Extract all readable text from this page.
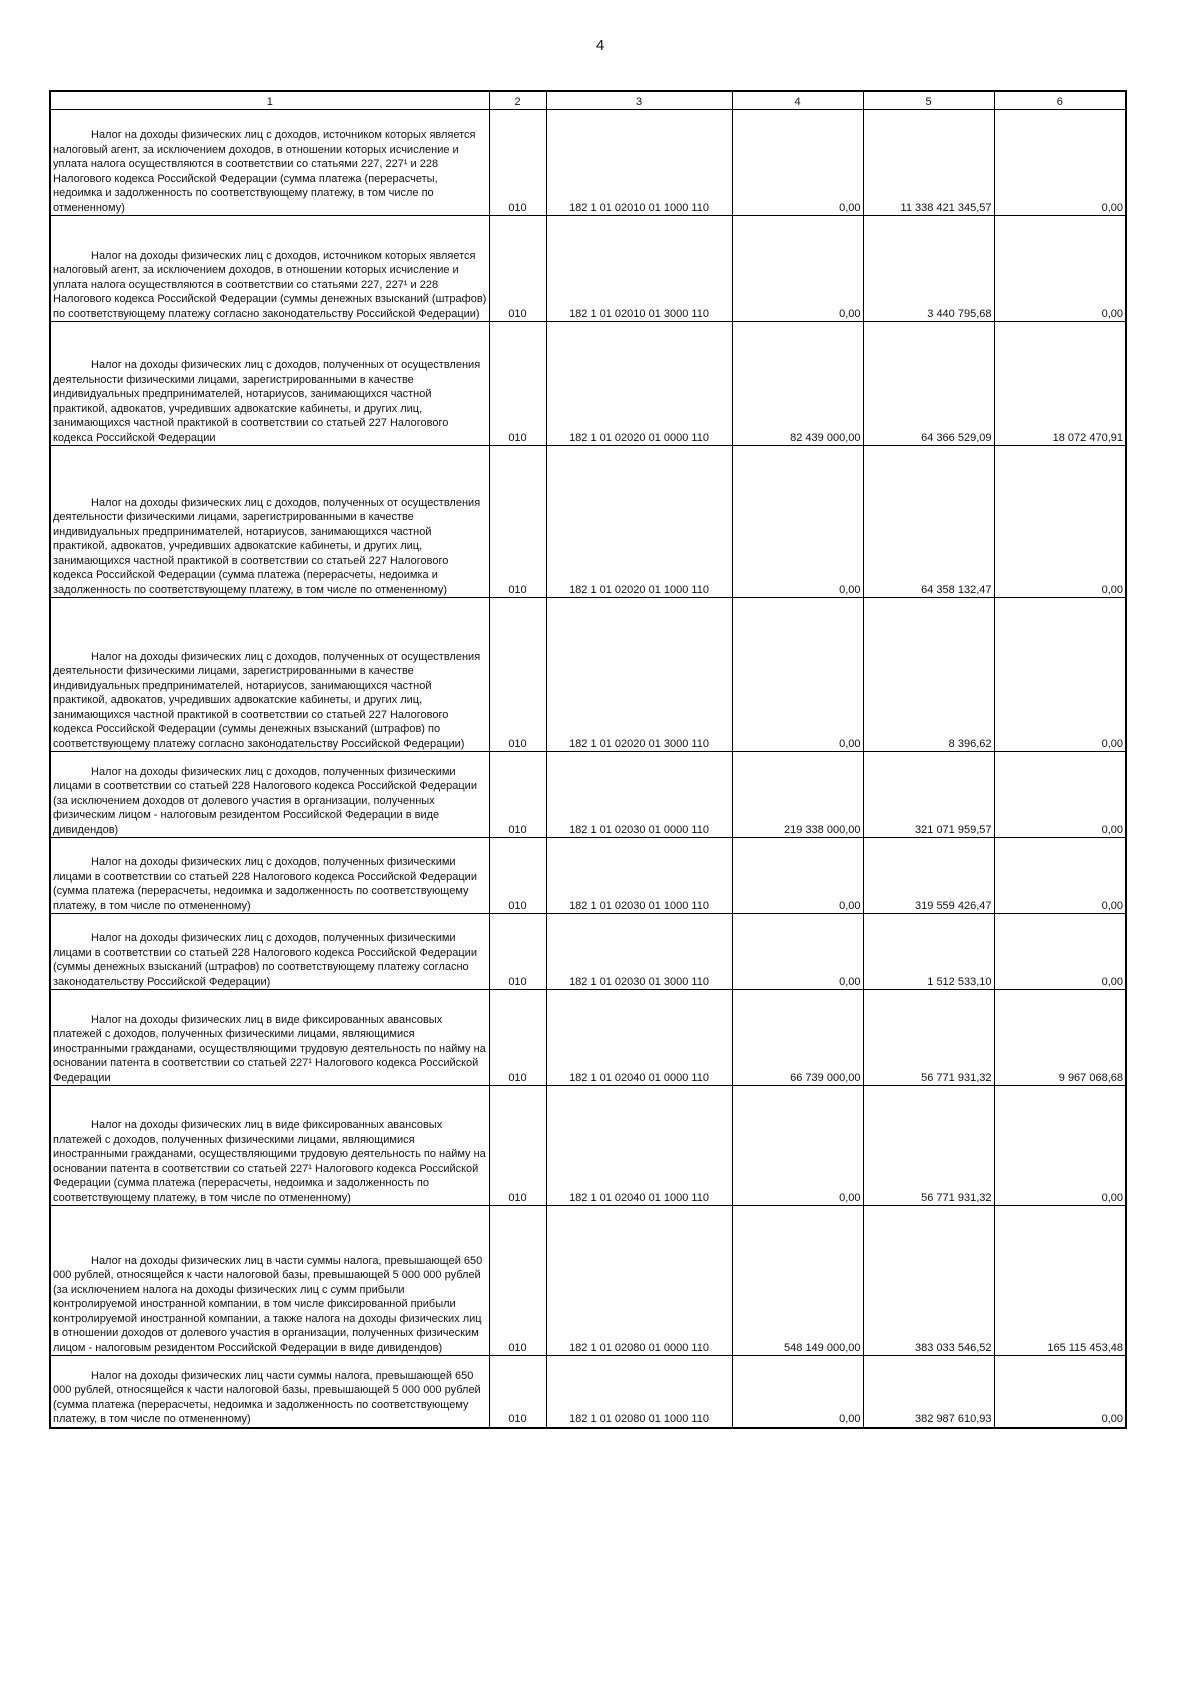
4
1	2	3	4	5	6

Налог на доходы физических лиц с доходов, источником которых является налоговый агент, за исключением доходов, в отношении которых исчисление и уплата налога осуществляются в соответствии со статьями 227, 227¹ и 228 Налогового кодекса Российской Федерации (сумма платежа (перерасчеты, недоимка и задолженность по соответствующему платежу, в том числе по отмененному)	010	182 1 01 02010 01 1000 110	0,00	11 338 421 345,57	0,00

Налог на доходы физических лиц с доходов, источником которых является налоговый агент, за исключением доходов, в отношении которых исчисление и уплата налога осуществляются в соответствии со статьями 227, 227¹ и 228 Налогового кодекса Российской Федерации (суммы денежных взысканий (штрафов) по соответствующему платежу согласно законодательству Российской Федерации)	010	182 1 01 02010 01 3000 110	0,00	3 440 795,68	0,00

Налог на доходы физических лиц с доходов, полученных от осуществления деятельности физическими лицами, зарегистрированными в качестве индивидуальных предпринимателей, нотариусов, занимающихся частной практикой, адвокатов, учредивших адвокатские кабинеты, и других лиц, занимающихся частной практикой в соответствии со статьей 227 Налогового кодекса Российской Федерации	010	182 1 01 02020 01 0000 110	82 439 000,00	64 366 529,09	18 072 470,91

Налог на доходы физических лиц с доходов, полученных от осуществления деятельности физическими лицами, зарегистрированными в качестве индивидуальных предпринимателей, нотариусов, занимающихся частной практикой, адвокатов, учредивших адвокатские кабинеты, и других лиц, занимающихся частной практикой в соответствии со статьей 227 Налогового кодекса Российской Федерации (сумма платежа (перерасчеты, недоимка и задолженность по соответствующему платежу, в том числе по отмененному)	010	182 1 01 02020 01 1000 110	0,00	64 358 132,47	0,00

Налог на доходы физических лиц с доходов, полученных от осуществления деятельности физическими лицами, зарегистрированными в качестве индивидуальных предпринимателей, нотариусов, занимающихся частной практикой, адвокатов, учредивших адвокатские кабинеты, и других лиц, занимающихся частной практикой в соответствии со статьей 227 Налогового кодекса Российской Федерации (суммы денежных взысканий (штрафов) по соответствующему платежу согласно законодательству Российской Федерации)	010	182 1 01 02020 01 3000 110	0,00	8 396,62	0,00

Налог на доходы физических лиц с доходов, полученных физическими лицами в соответствии со статьей 228 Налогового кодекса Российской Федерации (за исключением доходов от долевого участия в организации, полученных физическим лицом - налоговым резидентом Российской Федерации в виде дивидендов)	010	182 1 01 02030 01 0000 110	219 338 000,00	321 071 959,57	0,00

Налог на доходы физических лиц с доходов, полученных физическими лицами в соответствии со статьей 228 Налогового кодекса Российской Федерации (сумма платежа (перерасчеты, недоимка и задолженность по соответствующему платежу, в том числе по отмененному)	010	182 1 01 02030 01 1000 110	0,00	319 559 426,47	0,00

Налог на доходы физических лиц с доходов, полученных физическими лицами в соответствии со статьей 228 Налогового кодекса Российской Федерации (суммы денежных взысканий (штрафов) по соответствующему платежу согласно законодательству Российской Федерации)	010	182 1 01 02030 01 3000 110	0,00	1 512 533,10	0,00

Налог на доходы физических лиц в виде фиксированных авансовых платежей с доходов, полученных физическими лицами, являющимися иностранными гражданами, осуществляющими трудовую деятельность по найму на основании патента в соответствии со статьей 227¹ Налогового кодекса Российской Федерации	010	182 1 01 02040 01 0000 110	66 739 000,00	56 771 931,32	9 967 068,68

Налог на доходы физических лиц в виде фиксированных авансовых платежей с доходов, полученных физическими лицами, являющимися иностранными гражданами, осуществляющими трудовую деятельность по найму на основании патента в соответствии со статьей 227¹ Налогового кодекса Российской Федерации (сумма платежа (перерасчеты, недоимка и задолженность по соответствующему платежу, в том числе по отмененному)	010	182 1 01 02040 01 1000 110	0,00	56 771 931,32	0,00

Налог на доходы физических лиц в части суммы налога, превышающей 650 000 рублей, относящейся к части налоговой базы, превышающей 5 000 000 рублей (за исключением налога на доходы физических лиц с сумм прибыли контролируемой иностранной компании, в том числе фиксированной прибыли контролируемой иностранной компании, а также налога на доходы физических лиц в отношении доходов от долевого участия в организации, полученных физическим лицом - налоговым резидентом Российской Федерации в виде дивидендов)	010	182 1 01 02080 01 0000 110	548 149 000,00	383 033 546,52	165 115 453,48

Налог на доходы физических лиц части суммы налога, превышающей 650 000 рублей, относящейся к части налоговой базы, превышающей 5 000 000 рублей (сумма платежа (перерасчеты, недоимка и задолженность по соответствующему платежу, в том числе по отмененному)	010	182 1 01 02080 01 1000 110	0,00	382 987 610,93	0,00
